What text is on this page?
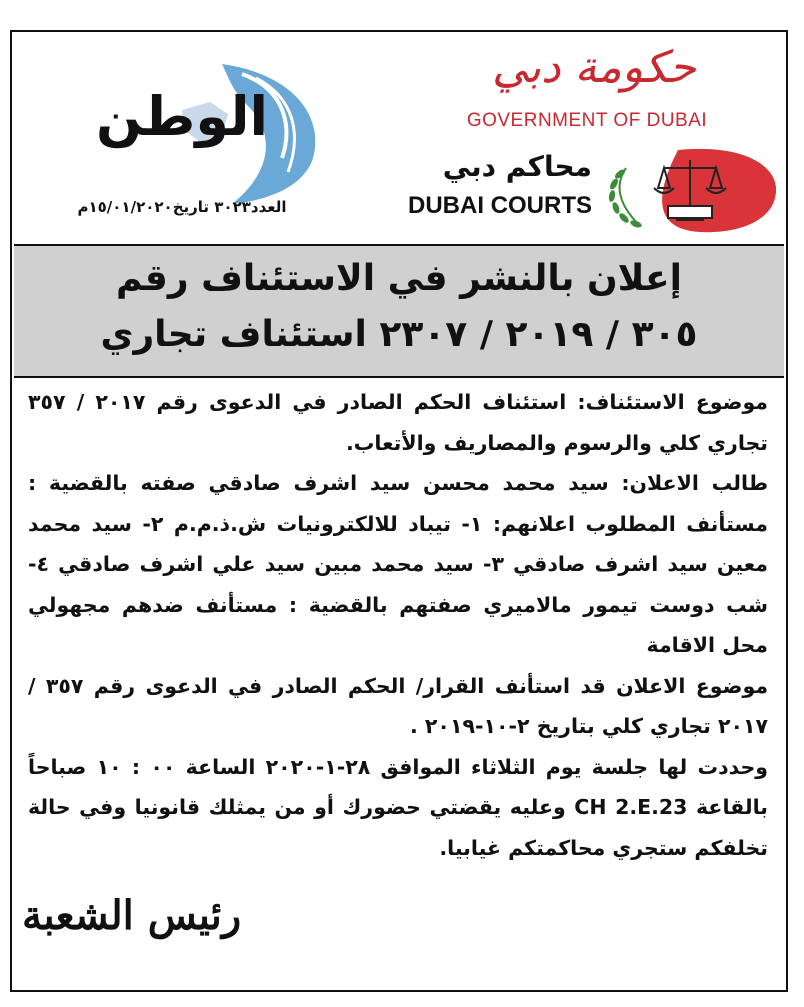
حكومة دبي
GOVERNMENT OF DUBAI
محاكم دبي
DUBAI COURTS
الوطن
العدد٣٠٢٣ تاريخ١٥/٠١/٢٠٢٠م
إعلان بالنشر في الاستئناف رقم
٣٠٥ / ٢٠١٩ / ٢٣٠٧ استئناف تجاري

موضوع الاستئناف: استئناف الحكم الصادر في الدعوى رقم ٢٠١٧ / ٣٥٧ تجاري كلي والرسوم والمصاريف والأتعاب.

طالب الاعلان: سيد محمد محسن سيد اشرف صادقي صفته بالقضية : مستأنف المطلوب اعلانهم: ١- تيباد للالكترونيات ش.ذ.م.م ٢- سيد محمد معين سيد اشرف صادقي ٣- سيد محمد مبين سيد علي اشرف صادقي ٤- شب دوست تيمور مالاميري صفتهم بالقضية : مستأنف ضدهم مجهولي محل الاقامة

موضوع الاعلان قد استأنف القرار/ الحكم الصادر في الدعوى رقم ٣٥٧ / ٢٠١٧ تجاري كلي بتاريخ ٢-١٠-٢٠١٩ .

وحددت لها جلسة يوم الثلاثاء الموافق ٢٨-١-٢٠٢٠ الساعة ٠٠ : ١٠ صباحاً بالقاعة CH 2.E.23 وعليه يقضتي حضورك أو من يمثلك قانونيا وفي حالة تخلفكم ستجري محاكمتكم غيابيا.

رئيس الشعبة
